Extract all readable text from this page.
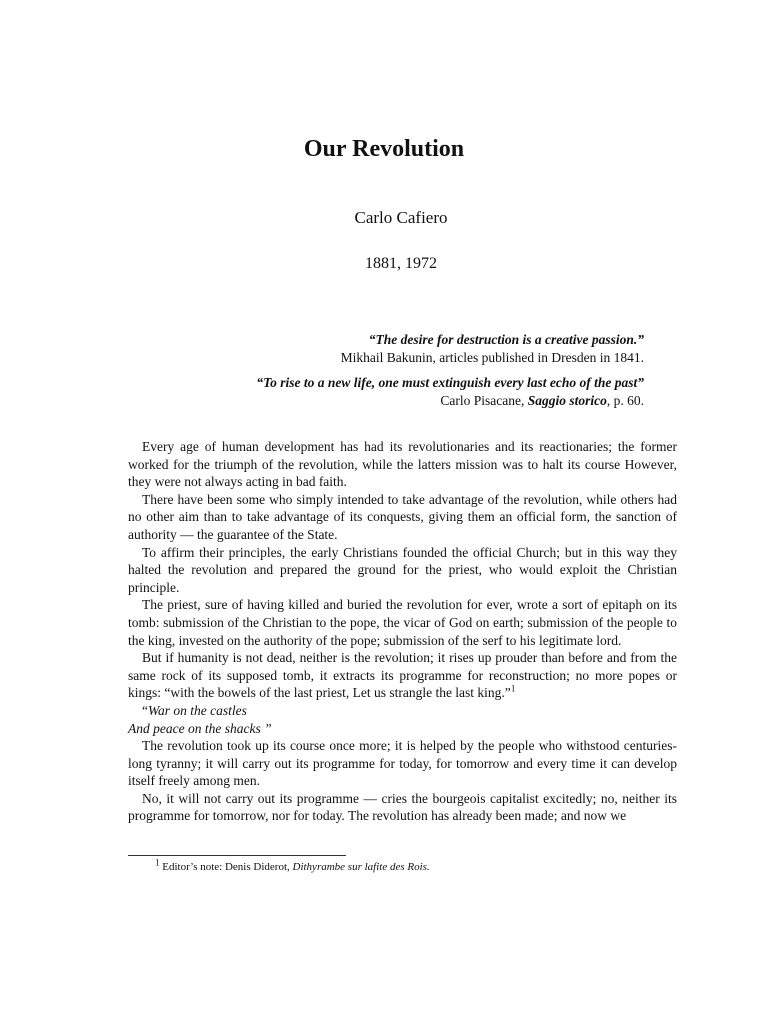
Our Revolution
Carlo Cafiero
1881, 1972
“The desire for destruction is a creative passion.”
Mikhail Bakunin, articles published in Dresden in 1841.
“To rise to a new life, one must extinguish every last echo of the past”
Carlo Pisacane, Saggio storico, p. 60.

Every age of human development has had its revolutionaries and its reactionaries; the former worked for the triumph of the revolution, while the latters mission was to halt its course However, they were not always acting in bad faith.

There have been some who simply intended to take advantage of the revolution, while others had no other aim than to take advantage of its conquests, giving them an official form, the sanction of authority — the guarantee of the State.

To affirm their principles, the early Christians founded the official Church; but in this way they halted the revolution and prepared the ground for the priest, who would exploit the Christian principle.

The priest, sure of having killed and buried the revolution for ever, wrote a sort of epitaph on its tomb: submission of the Christian to the pope, the vicar of God on earth; submission of the people to the king, invested on the authority of the pope; submission of the serf to his legitimate lord.

But if humanity is not dead, neither is the revolution; it rises up prouder than before and from the same rock of its supposed tomb, it extracts its programme for reconstruction; no more popes or kings: “with the bowels of the last priest, Let us strangle the last king.”$^1$

“War on the castles

And peace on the shacks ”

The revolution took up its course once more; it is helped by the people who withstood centuries-long tyranny; it will carry out its programme for today, for tomorrow and every time it can develop itself freely among men.

No, it will not carry out its programme — cries the bourgeois capitalist excitedly; no, neither its programme for tomorrow, nor for today. The revolution has already been made; and now we

$^1$ Editor’s note: Denis Diderot, Dithyrambe sur lafite des Rois.
